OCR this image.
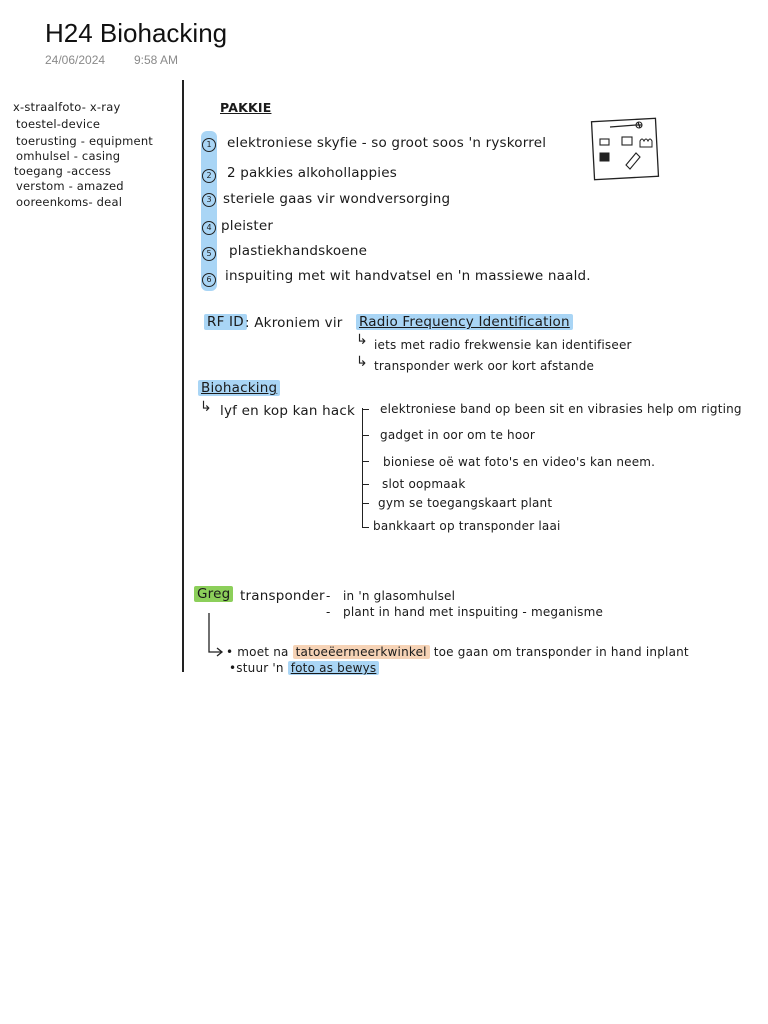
H24 Biohacking
24/06/2024 9:58 AM
x-straalfoto- x-ray
toestel-device
toerusting - equipment
omhulsel - casing
toegang -access
verstom - amazed
ooreenkoms- deal
PAKKIE
1
2
3
4
5
6
elektroniese skyfie - so groot soos 'n ryskorrel
2 pakkies alkohollappies
steriele gaas vir wondversorging
pleister
plastiekhandskoene
inspuiting met wit handvatsel en 'n massiewe naald.
RF ID : Akroniem vir Radio Frequency Identification
↳ iets met radio frekwensie kan identifiseer
↳ transponder werk oor kort afstande
Biohacking
↳ lyf en kop kan hack elektroniese band op been sit en vibrasies help om rigting
gadget in oor om te hoor
bioniese oë wat foto's en video's kan neem.
slot oopmaak
gym se toegangskaart plant
bankkaart op transponder laai
Greg transponder - in 'n glasomhulsel
- plant in hand met inspuiting - meganisme
• moet na tatoeëermeerkwinkel toe gaan om transponder in hand inplant
•stuur 'n foto as bewys
